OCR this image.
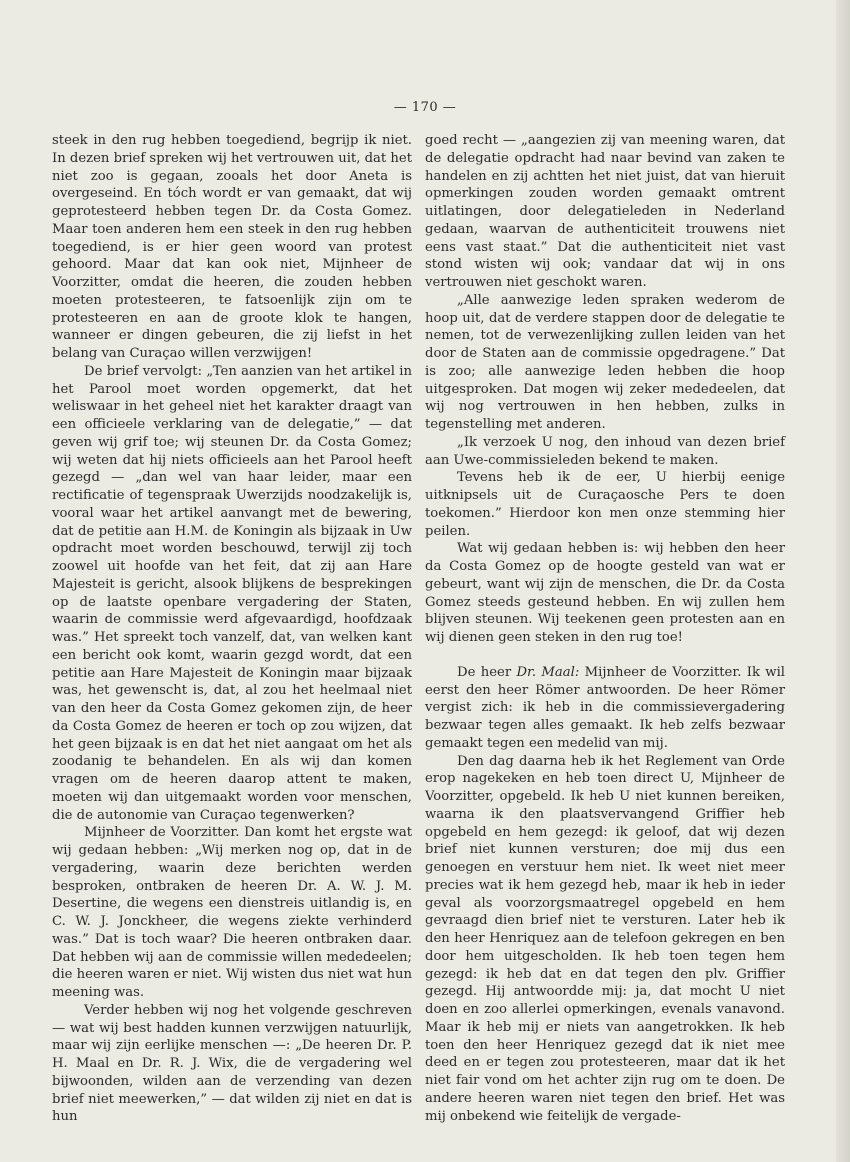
— 170 —

steek in den rug hebben toegediend, begrijp ik niet. In dezen brief spreken wij het vertrouwen uit, dat het niet zoo is gegaan, zooals het door Aneta is overgeseind. En tóch wordt er van gemaakt, dat wij geprotesteerd hebben tegen Dr. da Costa Gomez. Maar toen anderen hem een steek in den rug hebben toegediend, is er hier geen woord van protest gehoord. Maar dat kan ook niet, Mijnheer de Voorzitter, omdat die heeren, die zouden hebben moeten protesteeren, te fatsoenlijk zijn om te protesteeren en aan de groote klok te hangen, wanneer er dingen gebeuren, die zij liefst in het belang van Curaçao willen verzwijgen!

De brief vervolgt: „Ten aanzien van het artikel in het Parool moet worden opgemerkt, dat het weliswaar in het geheel niet het karakter draagt van een officieele verklaring van de delegatie,” — dat geven wij grif toe; wij steunen Dr. da Costa Gomez; wij weten dat hij niets officieels aan het Parool heeft gezegd — „dan wel van haar leider, maar een rectificatie of tegenspraak Uwerzijds noodzakelijk is, vooral waar het artikel aanvangt met de bewering, dat de petitie aan H.M. de Koningin als bijzaak in Uw opdracht moet worden beschouwd, terwijl zij toch zoowel uit hoofde van het feit, dat zij aan Hare Majesteit is gericht, alsook blijkens de besprekingen op de laatste openbare vergadering der Staten, waarin de commissie werd afgevaardigd, hoofdzaak was.” Het spreekt toch vanzelf, dat, van welken kant een bericht ook komt, waarin gezgd wordt, dat een petitie aan Hare Majesteit de Koningin maar bijzaak was, het gewenscht is, dat, al zou het heelmaal niet van den heer da Costa Gomez gekomen zijn, de heer da Costa Gomez de heeren er toch op zou wijzen, dat het geen bijzaak is en dat het niet aangaat om het als zoodanig te behandelen. En als wij dan komen vragen om de heeren daarop attent te maken, moeten wij dan uitgemaakt worden voor menschen, die de autonomie van Curaçao tegenwerken?

Mijnheer de Voorzitter. Dan komt het ergste wat wij gedaan hebben: „Wij merken nog op, dat in de vergadering, waarin deze berichten werden besproken, ontbraken de heeren Dr. A. W. J. M. Desertine, die wegens een dienstreis uitlandig is, en C. W. J. Jonckheer, die wegens ziekte verhinderd was.” Dat is toch waar? Die heeren ontbraken daar. Dat hebben wij aan de commissie willen mededeelen; die heeren waren er niet. Wij wisten dus niet wat hun meening was.

Verder hebben wij nog het volgende geschreven — wat wij best hadden kunnen verzwijgen natuurlijk, maar wij zijn eerlijke menschen —: „De heeren Dr. P. H. Maal en Dr. R. J. Wix, die de vergadering wel bijwoonden, wilden aan de verzending van dezen brief niet meewerken,” — dat wilden zij niet en dat is hun

goed recht — „aangezien zij van meening waren, dat de delegatie opdracht had naar bevind van zaken te handelen en zij achtten het niet juist, dat van hieruit opmerkingen zouden worden gemaakt omtrent uitlatingen, door delegatieleden in Nederland gedaan, waarvan de authenticiteit trouwens niet eens vast staat.” Dat die authenticiteit niet vast stond wisten wij ook; vandaar dat wij in ons vertrouwen niet geschokt waren.

„Alle aanwezige leden spraken wederom de hoop uit, dat de verdere stappen door de delegatie te nemen, tot de verwezenlijking zullen leiden van het door de Staten aan de commissie opgedragene.” Dat is zoo; alle aanwezige leden hebben die hoop uitgesproken. Dat mogen wij zeker mededeelen, dat wij nog vertrouwen in hen hebben, zulks in tegenstelling met anderen.

„Ik verzoek U nog, den inhoud van dezen brief aan Uwe-commissieleden bekend te maken.

Tevens heb ik de eer, U hierbij eenige uitknipsels uit de Curaçaosche Pers te doen toekomen.” Hierdoor kon men onze stemming hier peilen.

Wat wij gedaan hebben is: wij hebben den heer da Costa Gomez op de hoogte gesteld van wat er gebeurt, want wij zijn de menschen, die Dr. da Costa Gomez steeds gesteund hebben. En wij zullen hem blijven steunen. Wij teekenen geen protesten aan en wij dienen geen steken in den rug toe!

De heer Dr. Maal: Mijnheer de Voorzitter. Ik wil eerst den heer Römer antwoorden. De heer Römer vergist zich: ik heb in die commissievergadering bezwaar tegen alles gemaakt. Ik heb zelfs bezwaar gemaakt tegen een medelid van mij.

Den dag daarna heb ik het Reglement van Orde erop nagekeken en heb toen direct U, Mijnheer de Voorzitter, opgebeld. Ik heb U niet kunnen bereiken, waarna ik den plaatsvervangend Griffier heb opgebeld en hem gezegd: ik geloof, dat wij dezen brief niet kunnen versturen; doe mij dus een genoegen en verstuur hem niet. Ik weet niet meer precies wat ik hem gezegd heb, maar ik heb in ieder geval als voorzorgsmaatregel opgebeld en hem gevraagd dien brief niet te versturen. Later heb ik den heer Henriquez aan de telefoon gekregen en ben door hem uitgescholden. Ik heb toen tegen hem gezegd: ik heb dat en dat tegen den plv. Griffier gezegd. Hij antwoordde mij: ja, dat mocht U niet doen en zoo allerlei opmerkingen, evenals vanavond. Maar ik heb mij er niets van aangetrokken. Ik heb toen den heer Henriquez gezegd dat ik niet mee deed en er tegen zou protesteeren, maar dat ik het niet fair vond om het achter zijn rug om te doen. De andere heeren waren niet tegen den brief. Het was mij onbekend wie feitelijk de vergade-
